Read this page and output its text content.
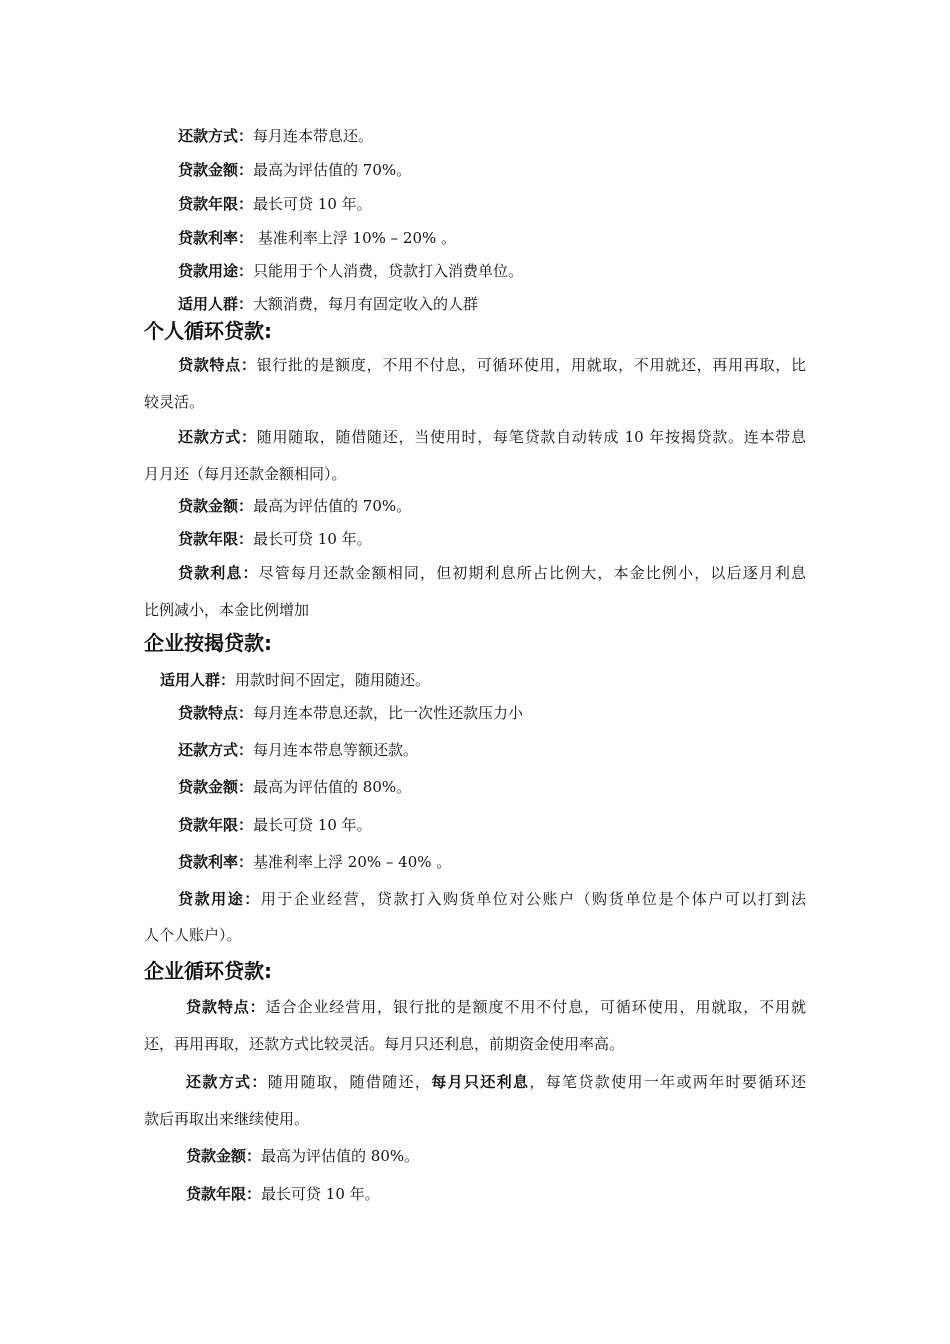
还款方式：每月连本带息还。
贷款金额：最高为评估值的 70%。
贷款年限：最长可贷 10 年。
贷款利率： 基准利率上浮 10% – 20% 。
贷款用途：只能用于个人消费，贷款打入消费单位。
适用人群：大额消费，每月有固定收入的人群
个人循环贷款:
贷款特点：银行批的是额度，不用不付息，可循环使用，用就取，不用就还，再用再取，比
较灵活。
还款方式：随用随取，随借随还，当使用时，每笔贷款自动转成 10 年按揭贷款。连本带息
月月还（每月还款金额相同）。
贷款金额：最高为评估值的 70%。
贷款年限：最长可贷 10 年。
贷款利息：尽管每月还款金额相同，但初期利息所占比例大，本金比例小，以后逐月利息
比例减小，本金比例增加
企业按揭贷款:
适用人群：用款时间不固定，随用随还。
贷款特点：每月连本带息还款，比一次性还款压力小
还款方式：每月连本带息等额还款。
贷款金额：最高为评估值的 80%。
贷款年限：最长可贷 10 年。
贷款利率：基准利率上浮 20% – 40% 。
贷款用途：用于企业经营，贷款打入购货单位对公账户（购货单位是个体户可以打到法
人个人账户）。
企业循环贷款:
贷款特点：适合企业经营用，银行批的是额度不用不付息，可循环使用，用就取，不用就
还，再用再取，还款方式比较灵活。每月只还利息，前期资金使用率高。
还款方式：随用随取，随借随还，每月只还利息，每笔贷款使用一年或两年时要循环还
款后再取出来继续使用。
贷款金额：最高为评估值的 80%。
贷款年限：最长可贷 10 年。
